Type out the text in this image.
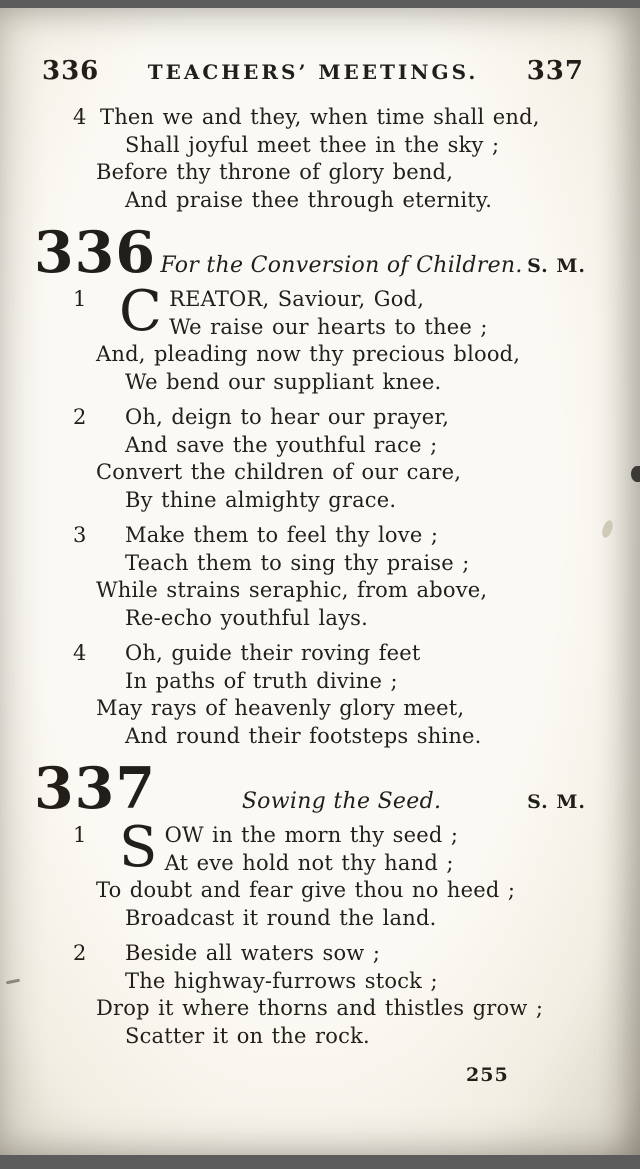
336 TEACHERS’ MEETINGS. 337
4 Then we and they, when time shall end,
Shall joyful meet thee in the sky ;
Before thy throne of glory bend,
And praise thee through eternity.
336 For the Conversion of Children. S. M.
1 C REATOR, Saviour, God,
We raise our hearts to thee ;
And, pleading now thy precious blood,
We bend our suppliant knee.
2	Oh, deign to hear our prayer,
And save the youthful race ;
Convert the children of our care,
By thine almighty grace.
3	Make them to feel thy love ;
Teach them to sing thy praise ;
While strains seraphic, from above,
Re-echo youthful lays.
4	Oh, guide their roving feet
In paths of truth divine ;
May rays of heavenly glory meet,
And round their footsteps shine.
337	Sowing the Seed.	S. M.
1 S OW in the morn thy seed ;
At eve hold not thy hand ;
To doubt and fear give thou no heed ;
Broadcast it round the land.
2	Beside all waters sow ;
The highway-furrows stock ;
Drop it where thorns and thistles grow ;
Scatter it on the rock.
255
